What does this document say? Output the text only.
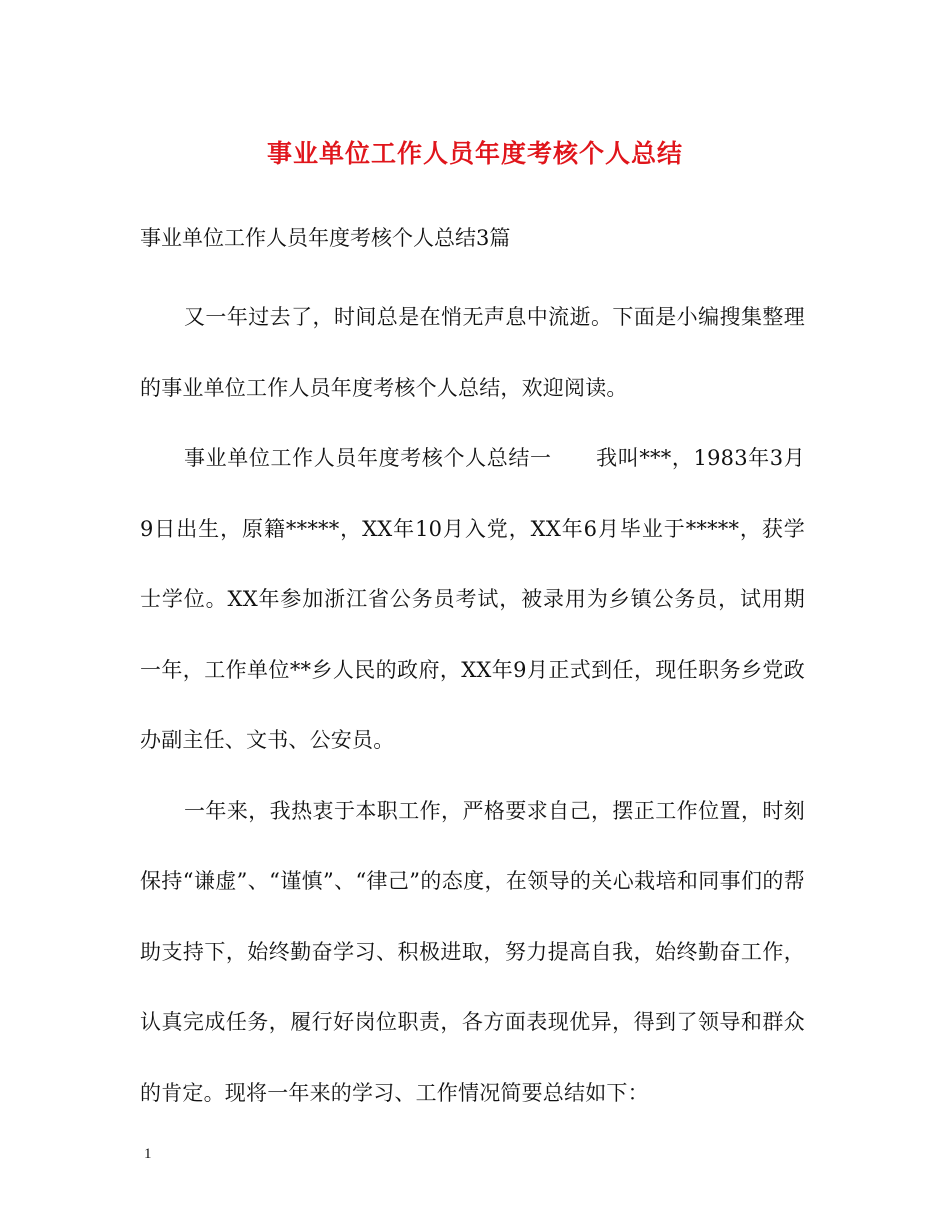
事业单位工作人员年度考核个人总结
事业单位工作人员年度考核个人总结3篇

又一年过去了，时间总是在悄无声息中流逝。下面是小编搜集整理的事业单位工作人员年度考核个人总结，欢迎阅读。

事业单位工作人员年度考核个人总结一 我叫***，1983年3月9日出生，原籍*****，XX年10月入党，XX年6月毕业于*****，获学士学位。XX年参加浙江省公务员考试，被录用为乡镇公务员，试用期一年，工作单位**乡人民的政府，XX年9月正式到任，现任职务乡党政办副主任、文书、公安员。

一年来，我热衷于本职工作，严格要求自己，摆正工作位置，时刻保持“谦虚”、“谨慎”、“律己”的态度，在领导的关心栽培和同事们的帮助支持下，始终勤奋学习、积极进取，努力提高自我，始终勤奋工作，认真完成任务，履行好岗位职责，各方面表现优异，得到了领导和群众的肯定。现将一年来的学习、工作情况简要总结如下：

1
